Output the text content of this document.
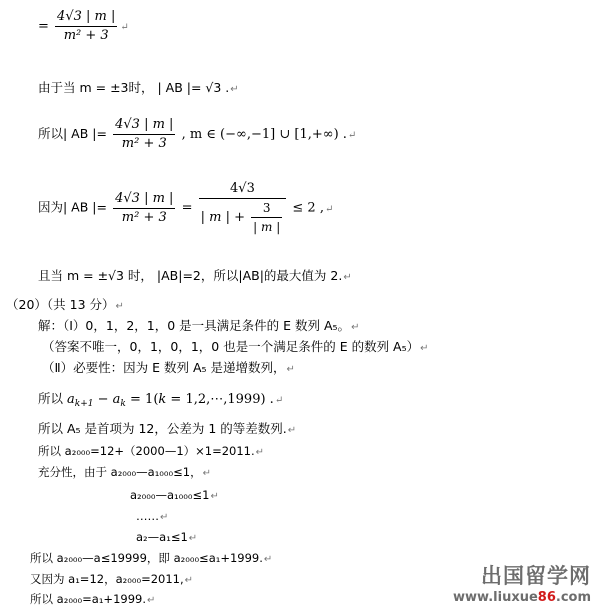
= $\frac{4√3 | m |}{\text{m² + 3}}$ ↵
由于当 m = ±3时， | AB |= √3 .↵
所以| AB |= $\frac{4√3 | m |}{\text{m² + 3}}$ , m ∈ (−∞,−1] ∪ [1,+∞) .↵
因为| AB |= $\frac{4√3 | m |}{\text{m² + 3}} = \frac{4√3}{| m | + \frac{3}{| m |}} \le 2$ ,↵
且当 m = ±√3 时， |AB|=2，所以|AB|的最大值为 2.↵
（20）（共 13 分）↵
解：（Ⅰ）0，1，2，1，0 是一具满足条件的 E 数列 A₅。↵
（答案不唯一，0，1，0，1，0 也是一个满足条件的 E 的数列 A₅）↵
（Ⅱ）必要性：因为 E 数列 A₅ 是递增数列，↵
所以 $a_{k+1} - a_k = 1(k$ = 1,2,⋯,1999) .↵
所以 A₅ 是首项为 12，公差为 1 的等差数列.↵
所以 a₂₀₀₀=12+（2000—1）×1=2011.↵
充分性，由于 a₂₀₀₀—a₁₀₀₀≤1，↵
a₂₀₀₀—a₁₀₀₀≤1↵
……↵
a₂—a₁≤1↵
所以 a₂₀₀₀—a≤19999，即 a₂₀₀₀≤a₁+1999.↵
又因为 a₁=12，a₂₀₀₀=2011,↵
所以 a₂₀₀₀=a₁+1999.↵
出国留学网
www.liuxue86.com
